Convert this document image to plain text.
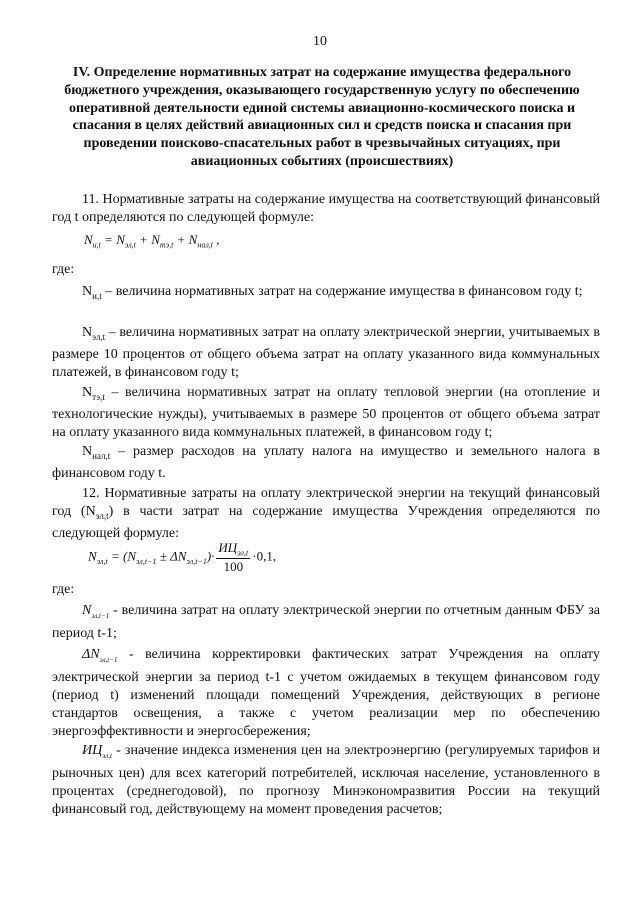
10
IV. Определение нормативных затрат на содержание имущества федерального бюджетного учреждения, оказывающего государственную услугу по обеспечению оперативной деятельности единой системы авиационно-космического поиска и спасания в целях действий авиационных сил и средств поиска и спасания при проведении поисково-спасательных работ в чрезвычайных ситуациях, при авиационных событиях (происшествиях)
11. Нормативные затраты на содержание имущества на соответствующий финансовый год t определяются по следующей формуле:
$N_{и,t} = N_{эл,t} + N_{тэ,t} + N_{нал,t}$ ,
где:
$N_{и,t}$ – величина нормативных затрат на содержание имущества в финансовом году t;
$N_{эл,t}$ – величина нормативных затрат на оплату электрической энергии, учитываемых в размере 10 процентов от общего объема затрат на оплату указанного вида коммунальных платежей, в финансовом году t;
$N_{тэ,t}$ – величина нормативных затрат на оплату тепловой энергии (на отопление и технологические нужды), учитываемых в размере 50 процентов от общего объема затрат на оплату указанного вида коммунальных платежей, в финансовом году t;
$N_{нал,t}$ – размер расходов на уплату налога на имущество и земельного налога в финансовом году t.
12. Нормативные затраты на оплату электрической энергии на текущий финансовый год $(N_{эл,t})$ в части затрат на содержание имущества Учреждения определяются по следующей формуле:
$N_{эл,t} = (N_{эл,t-1} \pm \Delta N_{эл,t-1})\cdot \frac{ИЦ_{эл,t}}{100} \cdot 0,1$,
где:
$N_{эл,t-1}$ - величина затрат на оплату электрической энергии по отчетным данным ФБУ за период t-1;
$\Delta N_{эл,t-1}$ - величина корректировки фактических затрат Учреждения на оплату электрической энергии за период t-1 с учетом ожидаемых в текущем финансовом году (период t) изменений площади помещений Учреждения, действующих в регионе стандартов освещения, а также с учетом реализации мер по обеспечению энергоэффективности и энергосбережения;
$ИЦ_{эл,t}$ - значение индекса изменения цен на электроэнергию (регулируемых тарифов и рыночных цен) для всех категорий потребителей, исключая население, установленного в процентах (среднегодовой), по прогнозу Минэкономразвития России на текущий финансовый год, действующему на момент проведения расчетов;
